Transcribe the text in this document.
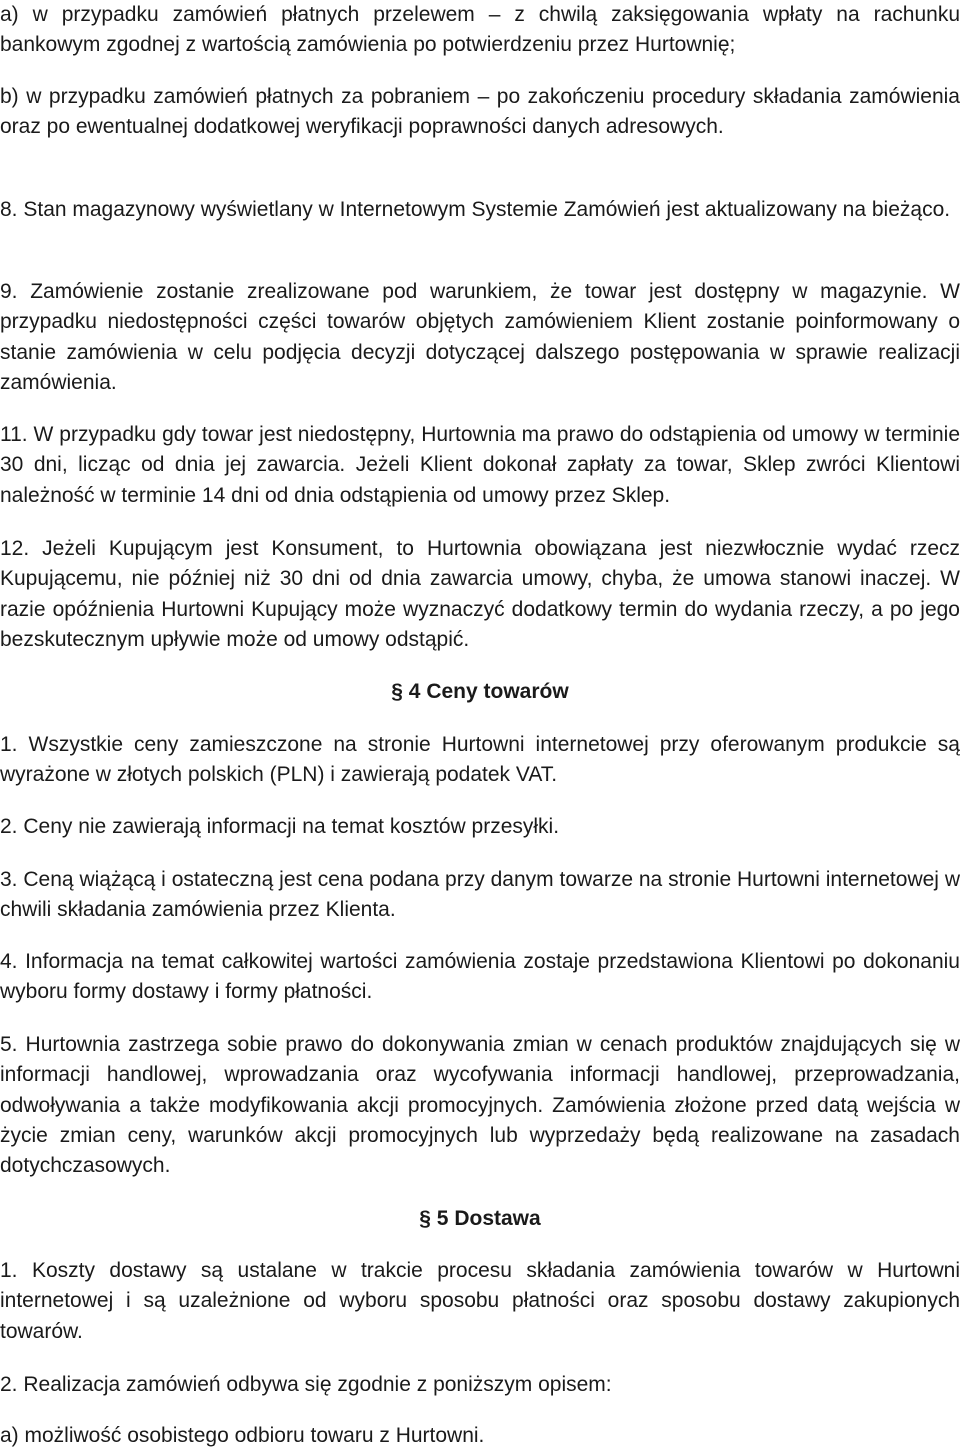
a) w przypadku zamówień płatnych przelewem – z chwilą zaksięgowania wpłaty na rachunku bankowym zgodnej z wartością zamówienia po potwierdzeniu przez Hurtownię;

b) w przypadku zamówień płatnych za pobraniem – po zakończeniu procedury składania zamówienia oraz po ewentualnej dodatkowej weryfikacji poprawności danych adresowych.

8. Stan magazynowy wyświetlany w Internetowym Systemie Zamówień jest aktualizowany na bieżąco.

9. Zamówienie zostanie zrealizowane pod warunkiem, że towar jest dostępny w magazynie. W przypadku niedostępności części towarów objętych zamówieniem Klient zostanie poinformowany o stanie zamówienia w celu podjęcia decyzji dotyczącej dalszego postępowania w sprawie realizacji zamówienia.

11. W przypadku gdy towar jest niedostępny, Hurtownia ma prawo do odstąpienia od umowy w terminie 30 dni, licząc od dnia jej zawarcia. Jeżeli Klient dokonał zapłaty za towar, Sklep zwróci Klientowi należność w terminie 14 dni od dnia odstąpienia od umowy przez Sklep.

12. Jeżeli Kupującym jest Konsument, to Hurtownia obowiązana jest niezwłocznie wydać rzecz Kupującemu, nie później niż 30 dni od dnia zawarcia umowy, chyba, że umowa stanowi inaczej. W razie opóźnienia Hurtowni Kupujący może wyznaczyć dodatkowy termin do wydania rzeczy, a po jego bezskutecznym upływie może od umowy odstąpić.

§ 4 Ceny towarów

1. Wszystkie ceny zamieszczone na stronie Hurtowni internetowej przy oferowanym produkcie są wyrażone w złotych polskich (PLN) i zawierają podatek VAT.

2. Ceny nie zawierają informacji na temat kosztów przesyłki.

3. Ceną wiążącą i ostateczną jest cena podana przy danym towarze na stronie Hurtowni internetowej w chwili składania zamówienia przez Klienta.

4. Informacja na temat całkowitej wartości zamówienia zostaje przedstawiona Klientowi po dokonaniu wyboru formy dostawy i formy płatności.

5. Hurtownia zastrzega sobie prawo do dokonywania zmian w cenach produktów znajdujących się w informacji handlowej, wprowadzania oraz wycofywania informacji handlowej, przeprowadzania, odwoływania a także modyfikowania akcji promocyjnych. Zamówienia złożone przed datą wejścia w życie zmian ceny, warunków akcji promocyjnych lub wyprzedaży będą realizowane na zasadach dotychczasowych.

§ 5 Dostawa

1. Koszty dostawy są ustalane w trakcie procesu składania zamówienia towarów w Hurtowni internetowej i są uzależnione od wyboru sposobu płatności oraz sposobu dostawy zakupionych towarów.

2. Realizacja zamówień odbywa się zgodnie z poniższym opisem:

a) możliwość osobistego odbioru towaru z Hurtowni.
